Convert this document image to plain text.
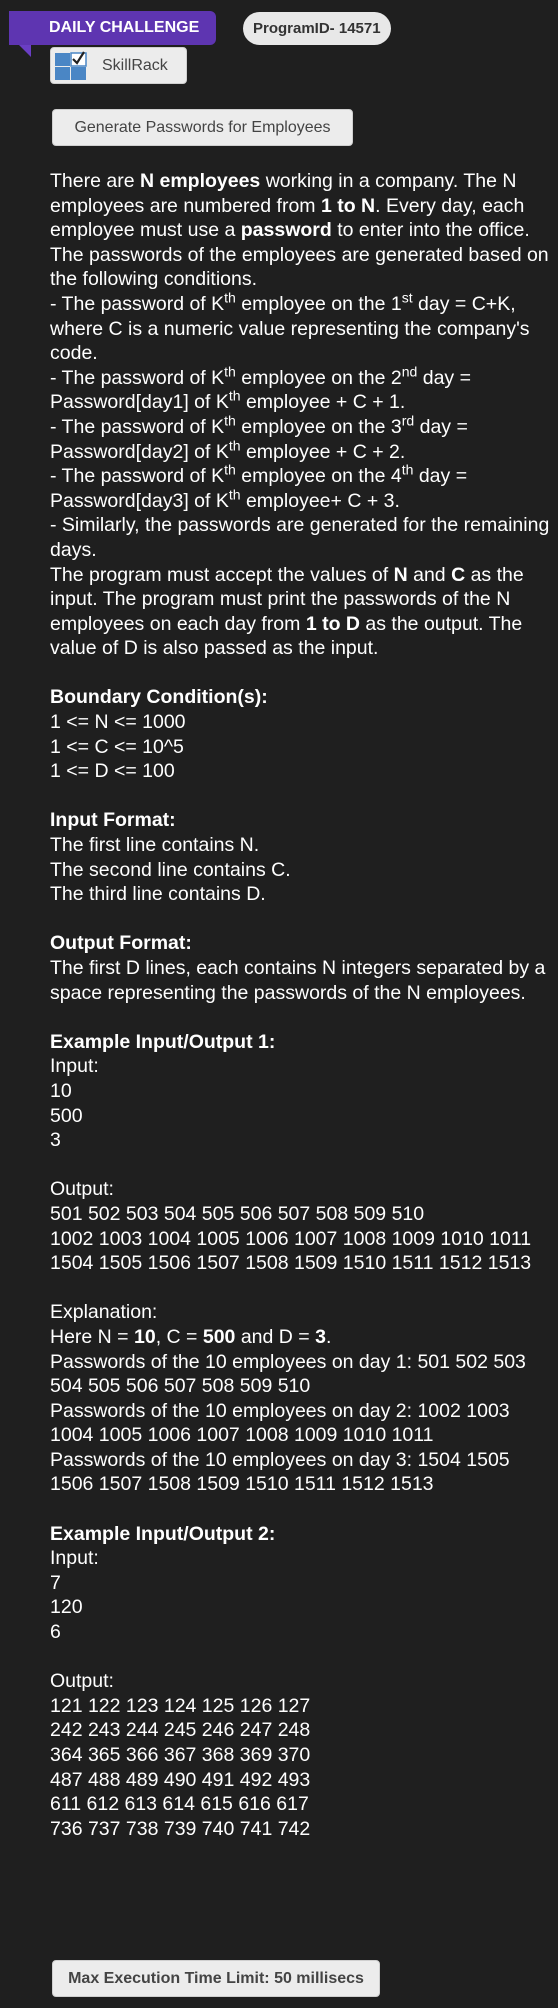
DAILY CHALLENGE	ProgramID- 14571
SkillRack
Generate Passwords for Employees

There are N employees working in a company. The N employees are numbered from 1 to N. Every day, each employee must use a password to enter into the office. The passwords of the employees are generated based on the following conditions.

- The password of $K^{th}$ employee on the 1st day = C+K, where C is a numeric value representing the company's code.

- The password of $K^{th}$ employee on the 2nd day = Password[day1] of $K^{th}$ employee + C + 1.

- The password of $K^{th}$ employee on the 3rd day = Password[day2] of $K^{th}$ employee + C + 2.

- The password of $K^{th}$ employee on the 4th day = Password[day3] of $K^{th}$ employee+ C + 3.

- Similarly, the passwords are generated for the remaining days.

The program must accept the values of N and C as the input. The program must print the passwords of the N employees on each day from 1 to D as the output. The value of D is also passed as the input.

Boundary Condition(s):

1 <= N <= 1000

1 <= C <= 10^5

1 <= D <= 100

Input Format:

The first line contains N.

The second line contains C.

The third line contains D.

Output Format:

The first D lines, each contains N integers separated by a space representing the passwords of the N employees.

Example Input/Output 1:

Input:

10

500

3

Output:

501 502 503 504 505 506 507 508 509 510

1002 1003 1004 1005 1006 1007 1008 1009 1010 1011

1504 1505 1506 1507 1508 1509 1510 1511 1512 1513

Explanation:

Here N = 10, C = 500 and D = 3.

Passwords of the 10 employees on day 1: 501 502 503 504 505 506 507 508 509 510

Passwords of the 10 employees on day 2: 1002 1003 1004 1005 1006 1007 1008 1009 1010 1011

Passwords of the 10 employees on day 3: 1504 1505 1506 1507 1508 1509 1510 1511 1512 1513

Example Input/Output 2:

Input:

7

120

6

Output:

121 122 123 124 125 126 127

242 243 244 245 246 247 248

364 365 366 367 368 369 370

487 488 489 490 491 492 493

611 612 613 614 615 616 617

736 737 738 739 740 741 742

Max Execution Time Limit: 50 millisecs
